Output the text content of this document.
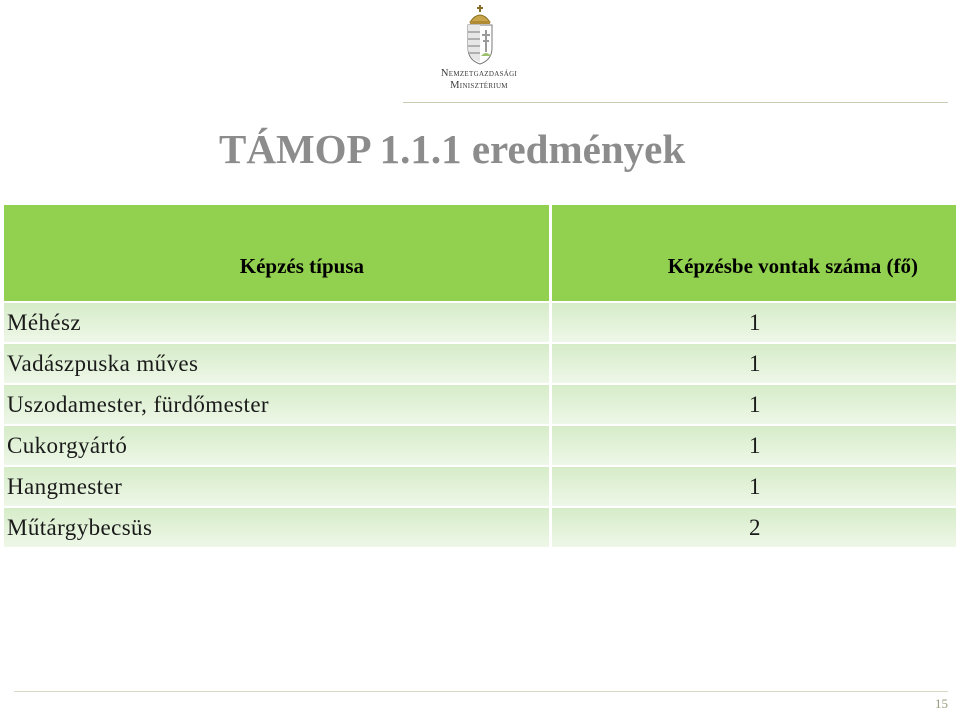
Nemzetgazdasági
Minisztérium
TÁMOP 1.1.1 eredmények
Képzés típusa	Képzésbe vontak száma (fő)
Méhész	1
Vadászpuska műves	1
Uszodamester, fürdőmester	1
Cukorgyártó	1
Hangmester	1
Műtárgybecsüs	2
15
